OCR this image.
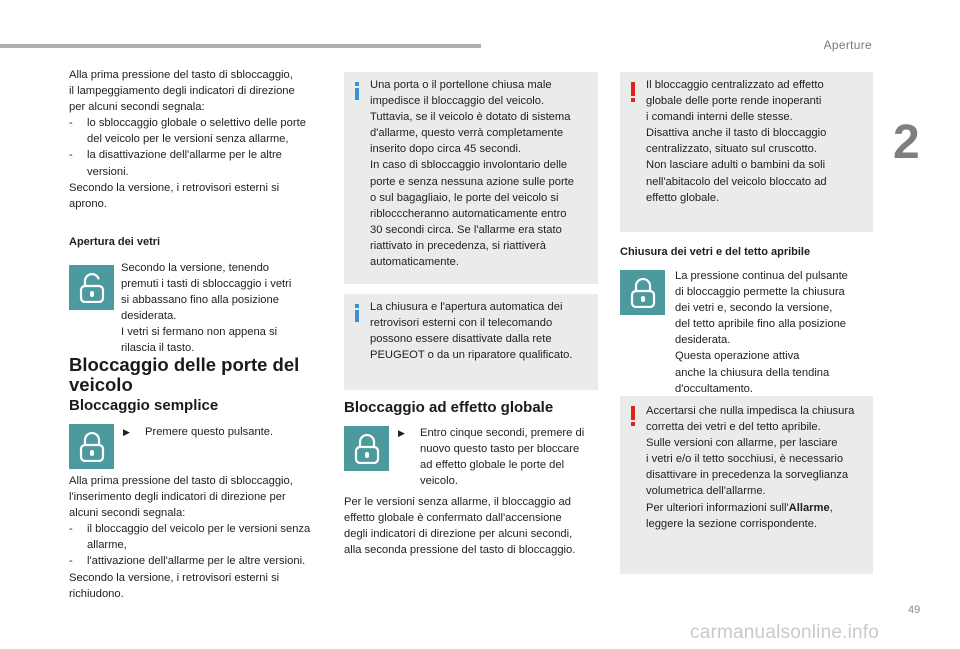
Aperture
2
Alla prima pressione del tasto di sbloccaggio,
il lampeggiamento degli indicatori di direzione
per alcuni secondi segnala:
- lo sbloccaggio globale o selettivo delle porte del veicolo per le versioni senza allarme,
- la disattivazione dell'allarme per le altre versioni.
Secondo la versione, i retrovisori esterni si aprono.
Apertura dei vetri
Secondo la versione, tenendo premuti i tasti di sbloccaggio i vetri si abbassano fino alla posizione desiderata.
I vetri si fermano non appena si rilascia il tasto.
Bloccaggio delle porte del
veicolo
Bloccaggio semplice
▶	Premere questo pulsante.
Alla prima pressione del tasto di sbloccaggio,
l'inserimento degli indicatori di direzione per
alcuni secondi segnala:
- il bloccaggio del veicolo per le versioni senza allarme,
- l'attivazione dell'allarme per le altre versioni.
Secondo la versione, i retrovisori esterni si richiudono.
Una porta o il portellone chiusa male
impedisce il bloccaggio del veicolo.
Tuttavia, se il veicolo è dotato di sistema
d'allarme, questo verrà completamente
inserito dopo circa 45 secondi.
In caso di sbloccaggio involontario delle
porte e senza nessuna azione sulle porte
o sul bagagliaio, le porte del veicolo si
riblocccheranno automaticamente entro
30 secondi circa. Se l'allarme era stato
riattivato in precedenza, si riattiverà
automaticamente.
La chiusura e l'apertura automatica dei
retrovisori esterni con il telecomando
possono essere disattivate dalla rete
PEUGEOT o da un riparatore qualificato.
Bloccaggio ad effetto globale
▶ Entro cinque secondi, premere di
nuovo questo tasto per bloccare
ad effetto globale le porte del
veicolo.
Per le versioni senza allarme, il bloccaggio ad
effetto globale è confermato dall'accensione
degli indicatori di direzione per alcuni secondi,
alla seconda pressione del tasto di bloccaggio.
Il bloccaggio centralizzato ad effetto
globale delle porte rende inoperanti
i comandi interni delle stesse.
Disattiva anche il tasto di bloccaggio
centralizzato, situato sul cruscotto.
Non lasciare adulti o bambini da soli
nell'abitacolo del veicolo bloccato ad
effetto globale.
Chiusura dei vetri e del tetto apribile
La pressione continua del pulsante
di bloccaggio permette la chiusura
dei vetri e, secondo la versione,
del tetto apribile fino alla posizione
desiderata.
Questa operazione attiva
anche la chiusura della tendina
d'occultamento.
Accertarsi che nulla impedisca la chiusura
corretta dei vetri e del tetto apribile.
Sulle versioni con allarme, per lasciare
i vetri e/o il tetto socchiusi, è necessario
disattivare in precedenza la sorveglianza
volumetrica dell'allarme.
Per ulteriori informazioni sull'Allarme,
leggere la sezione corrispondente.
49
carmanualsonline.info
